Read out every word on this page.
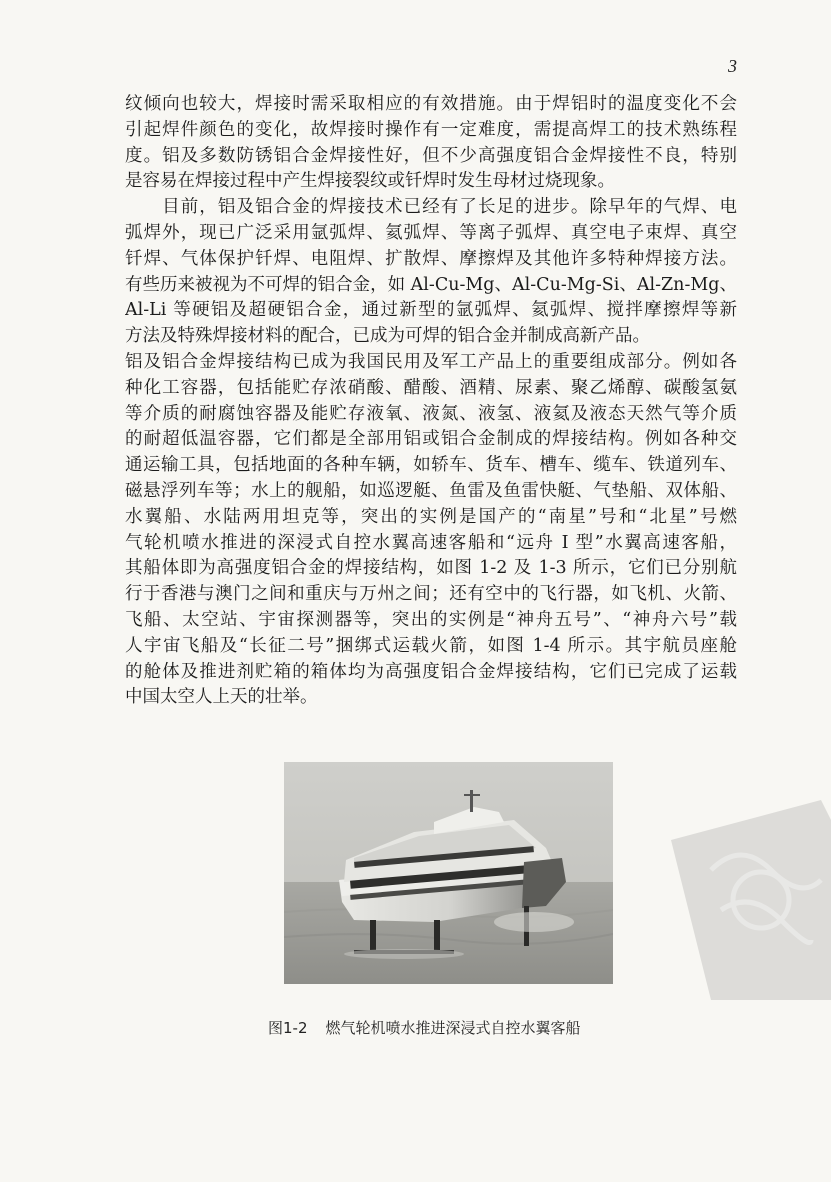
3
纹倾向也较大，焊接时需采取相应的有效措施。由于焊铝时的温度变化不会
引起焊件颜色的变化，故焊接时操作有一定难度，需提高焊工的技术熟练程
度。铝及多数防锈铝合金焊接性好，但不少高强度铝合金焊接性不良，特别
是容易在焊接过程中产生焊接裂纹或钎焊时发生母材过烧现象。
　　目前，铝及铝合金的焊接技术已经有了长足的进步。除早年的气焊、电
弧焊外，现已广泛采用氩弧焊、氦弧焊、等离子弧焊、真空电子束焊、真空
钎焊、气体保护钎焊、电阻焊、扩散焊、摩擦焊及其他许多特种焊接方法。
有些历来被视为不可焊的铝合金，如 Al-Cu-Mg、Al-Cu-Mg-Si、Al-Zn-Mg、
Al-Li 等硬铝及超硬铝合金，通过新型的氩弧焊、氦弧焊、搅拌摩擦焊等新
方法及特殊焊接材料的配合，已成为可焊的铝合金并制成高新产品。
铝及铝合金焊接结构已成为我国民用及军工产品上的重要组成部分。例如各
种化工容器，包括能贮存浓硝酸、醋酸、酒精、尿素、聚乙烯醇、碳酸氢氨
等介质的耐腐蚀容器及能贮存液氧、液氮、液氢、液氦及液态天然气等介质
的耐超低温容器，它们都是全部用铝或铝合金制成的焊接结构。例如各种交
通运输工具，包括地面的各种车辆，如轿车、货车、槽车、缆车、铁道列车、
磁悬浮列车等；水上的舰船，如巡逻艇、鱼雷及鱼雷快艇、气垫船、双体船、
水翼船、水陆两用坦克等，突出的实例是国产的“南星”号和“北星”号燃
气轮机喷水推进的深浸式自控水翼高速客船和“远舟 I 型”水翼高速客船，
其船体即为高强度铝合金的焊接结构，如图 1-2 及 1-3 所示，它们已分别航
行于香港与澳门之间和重庆与万州之间；还有空中的飞行器，如飞机、火箭、
飞船、太空站、宇宙探测器等，突出的实例是“神舟五号”、“神舟六号”载
人宇宙飞船及“长征二号”捆绑式运载火箭，如图 1-4 所示。其宇航员座舱
的舱体及推进剂贮箱的箱体均为高强度铝合金焊接结构，它们已完成了运载
中国太空人上天的壮举。
图1-2 燃气轮机喷水推进深浸式自控水翼客船
